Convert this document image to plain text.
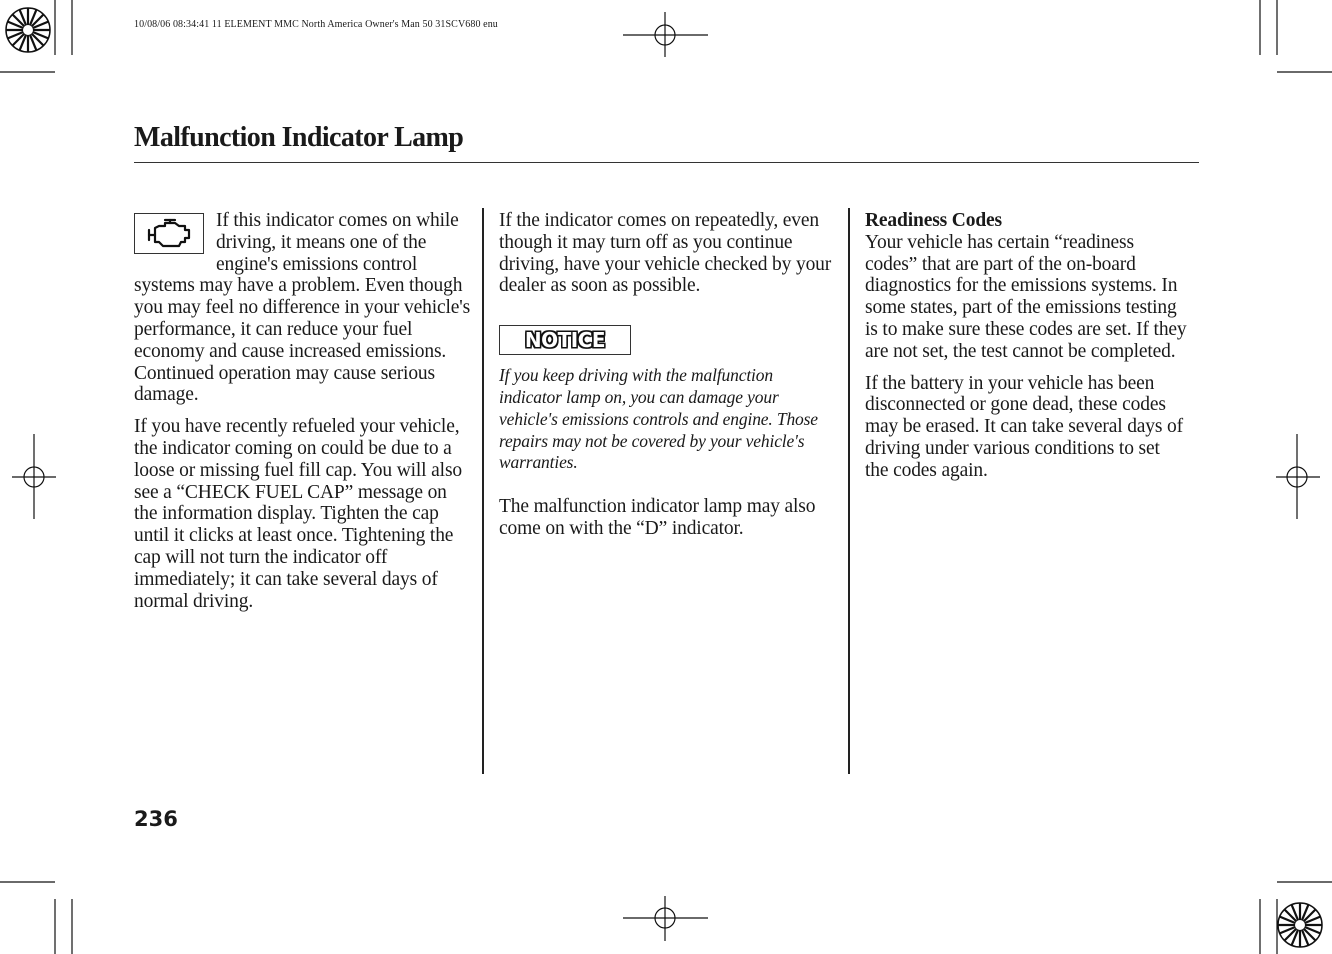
10/08/06 08:34:41 11 ELEMENT MMC North America Owner's Man 50 31SCV680 enu
Malfunction Indicator Lamp

If this indicator comes on while driving, it means one of the engine's emissions control systems may have a problem. Even though you may feel no difference in your vehicle's performance, it can reduce your fuel economy and cause increased emissions. Continued operation may cause serious damage.

If you have recently refueled your vehicle, the indicator coming on could be due to a loose or missing fuel fill cap. You will also see a “CHECK FUEL CAP” message on the information display. Tighten the cap until it clicks at least once. Tightening the cap will not turn the indicator off immediately; it can take several days of normal driving.

If the indicator comes on repeatedly, even though it may turn off as you continue driving, have your vehicle checked by your dealer as soon as possible.

NOTICE

If you keep driving with the malfunction indicator lamp on, you can damage your vehicle's emissions controls and engine. Those repairs may not be covered by your vehicle's warranties.

The malfunction indicator lamp may also come on with the “D” indicator.

Readiness Codes
Your vehicle has certain “readiness codes” that are part of the on-board diagnostics for the emissions systems. In some states, part of the emissions testing is to make sure these codes are set. If they are not set, the test cannot be completed.

If the battery in your vehicle has been disconnected or gone dead, these codes may be erased. It can take several days of driving under various conditions to set the codes again.

236
